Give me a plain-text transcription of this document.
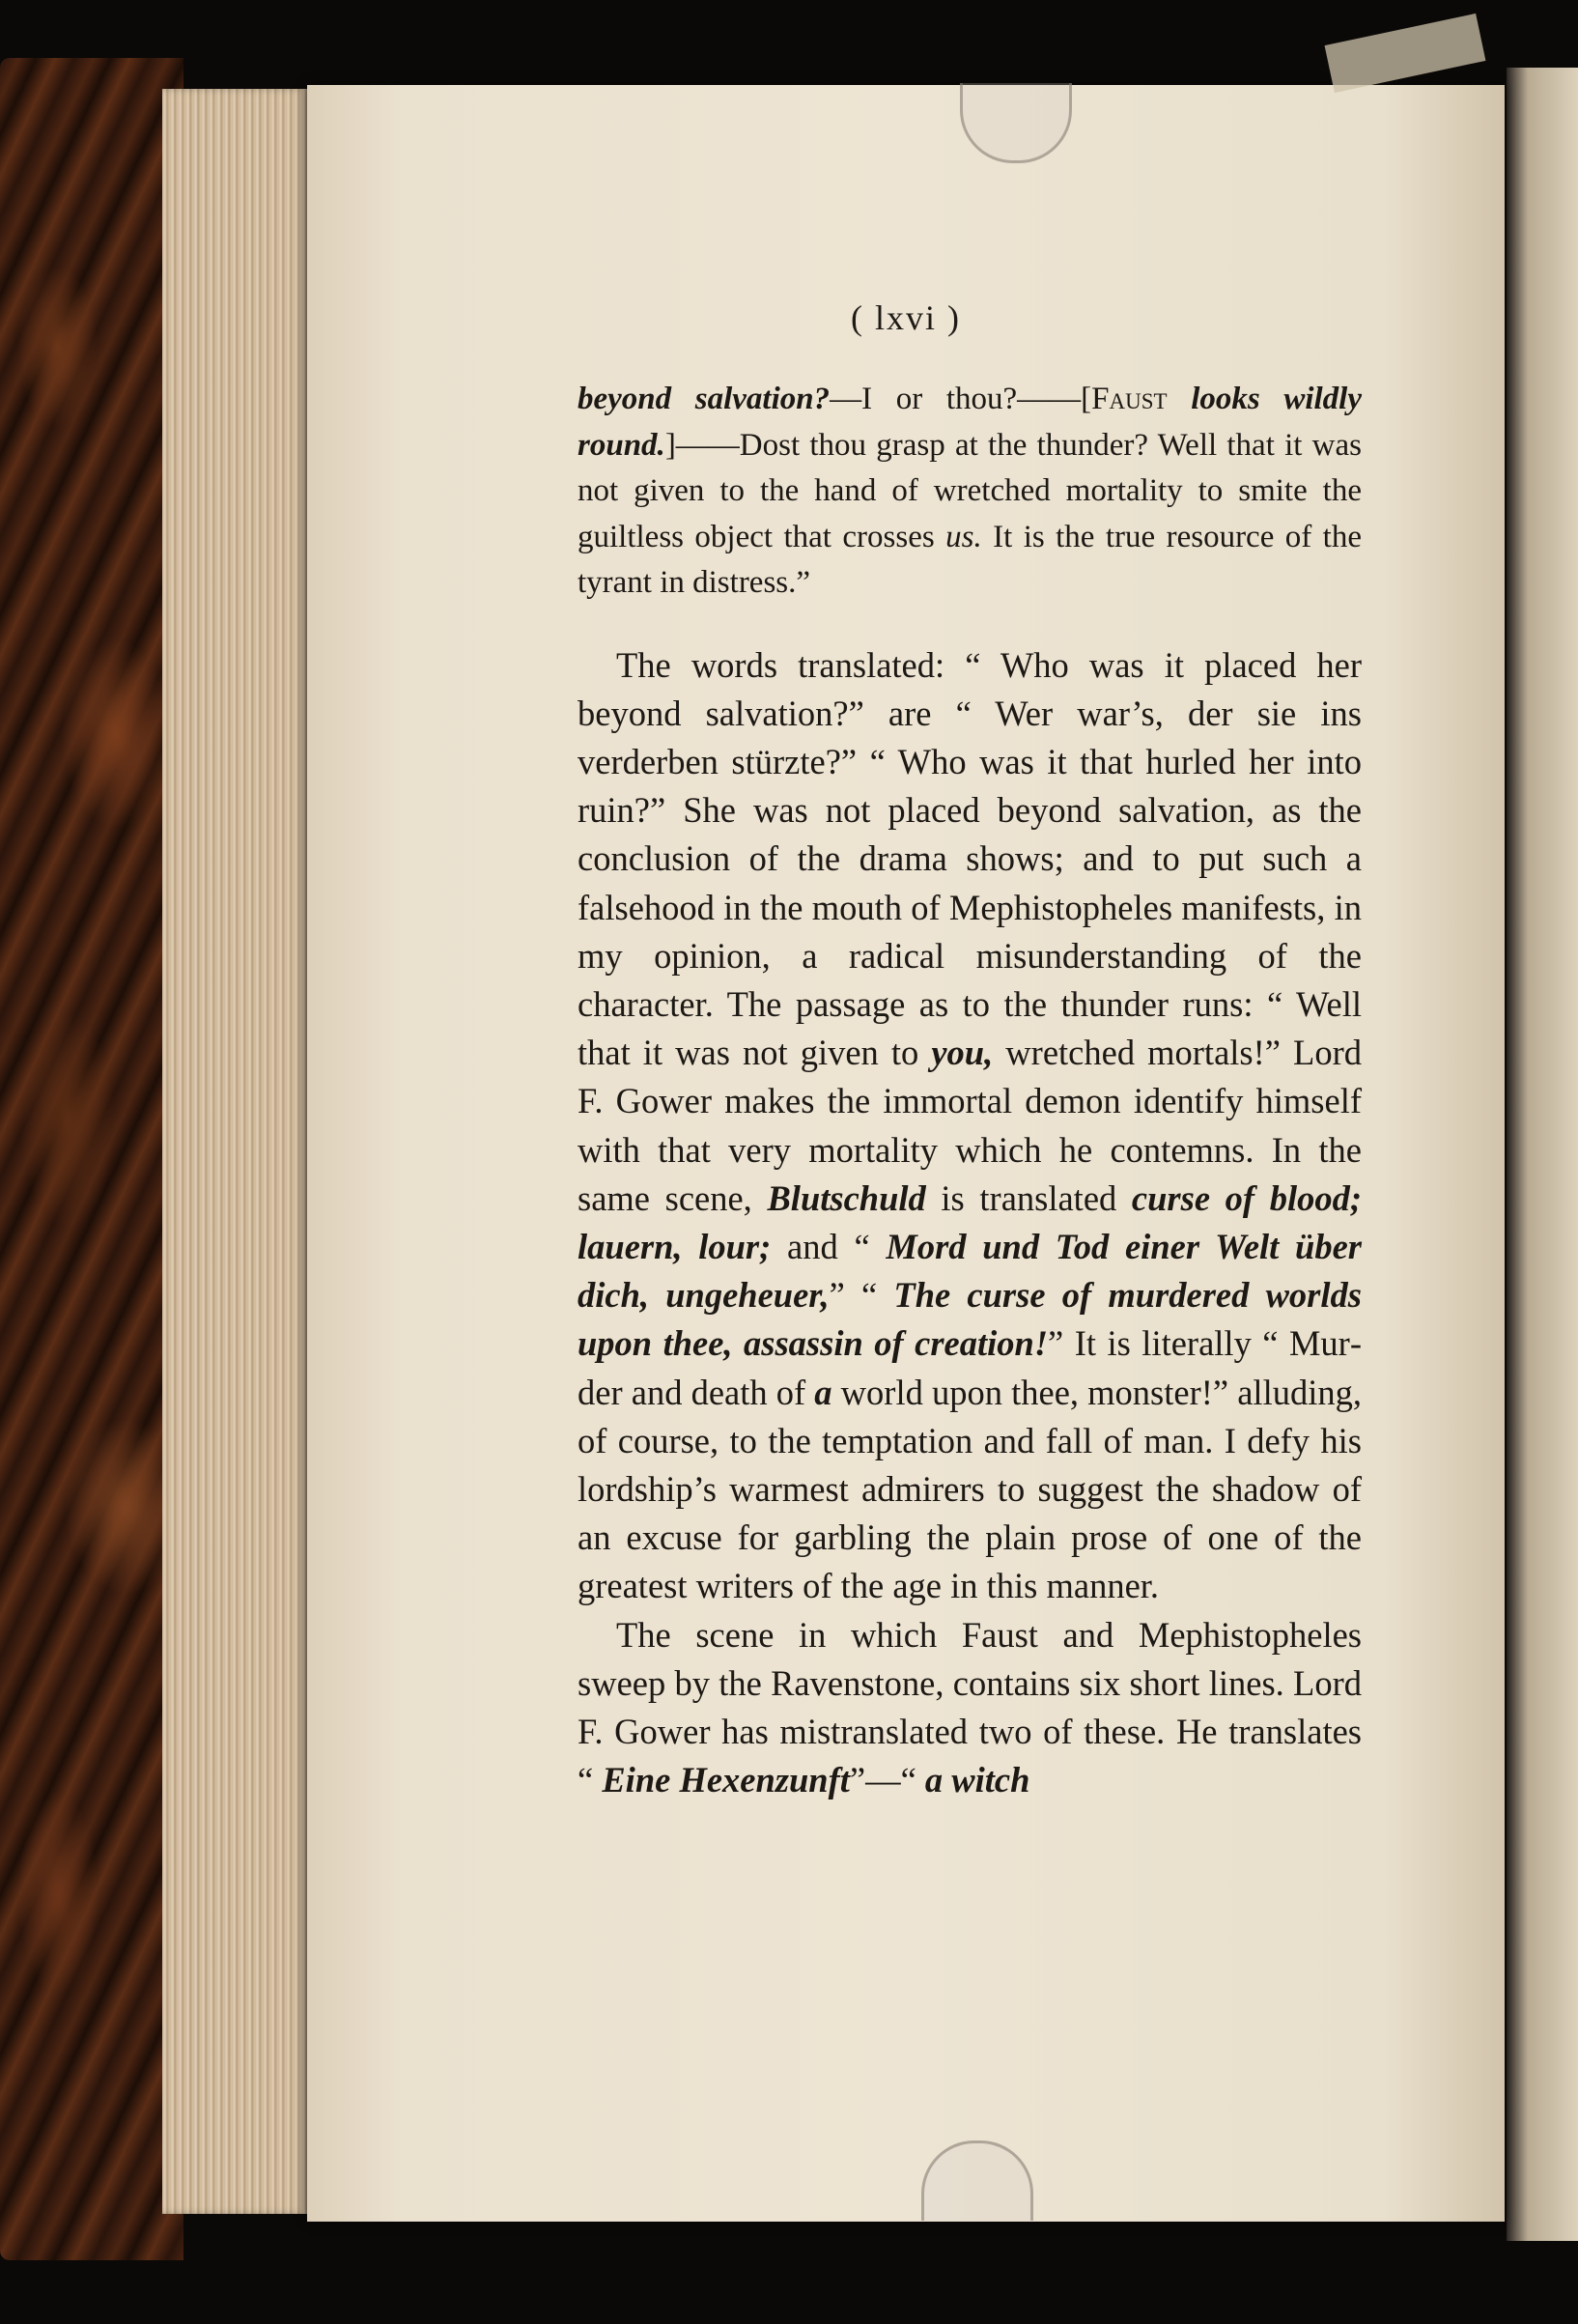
( lxvi )

beyond salvation?—I or thou?——[Faust looks wildly round.]——Dost thou grasp at the thunder? Well that it was not given to the hand of wretched mortality to smite the guiltless object that crosses us. It is the true resource of the tyrant in distress.”

The words translated: “ Who was it placed her beyond salvation?” are “ Wer war’s, der sie ins verderben stürzte?” “ Who was it that hurled her into ruin?” She was not placed beyond salvation, as the conclusion of the drama shows; and to put such a falsehood in the mouth of Mephistopheles manifests, in my opinion, a radical misunderstanding of the character. The passage as to the thunder runs: “ Well that it was not given to you, wretched mortals!” Lord F. Gower makes the immortal demon identify himself with that very mortality which he contemns. In the same scene, Blutschuld is translated curse of blood; lauern, lour; and “ Mord und Tod einer Welt über dich, ungeheuer,” “ The curse of murdered worlds upon thee, assassin of creation!” It is literally “ Murder and death of a world upon thee, monster!” alluding, of course, to the temptation and fall of man. I defy his lordship’s warmest admirers to suggest the shadow of an excuse for garbling the plain prose of one of the greatest writers of the age in this manner.

The scene in which Faust and Mephistopheles sweep by the Ravenstone, contains six short lines. Lord F. Gower has mistranslated two of these. He translates “ Eine Hexenzunft”—“ a witch
